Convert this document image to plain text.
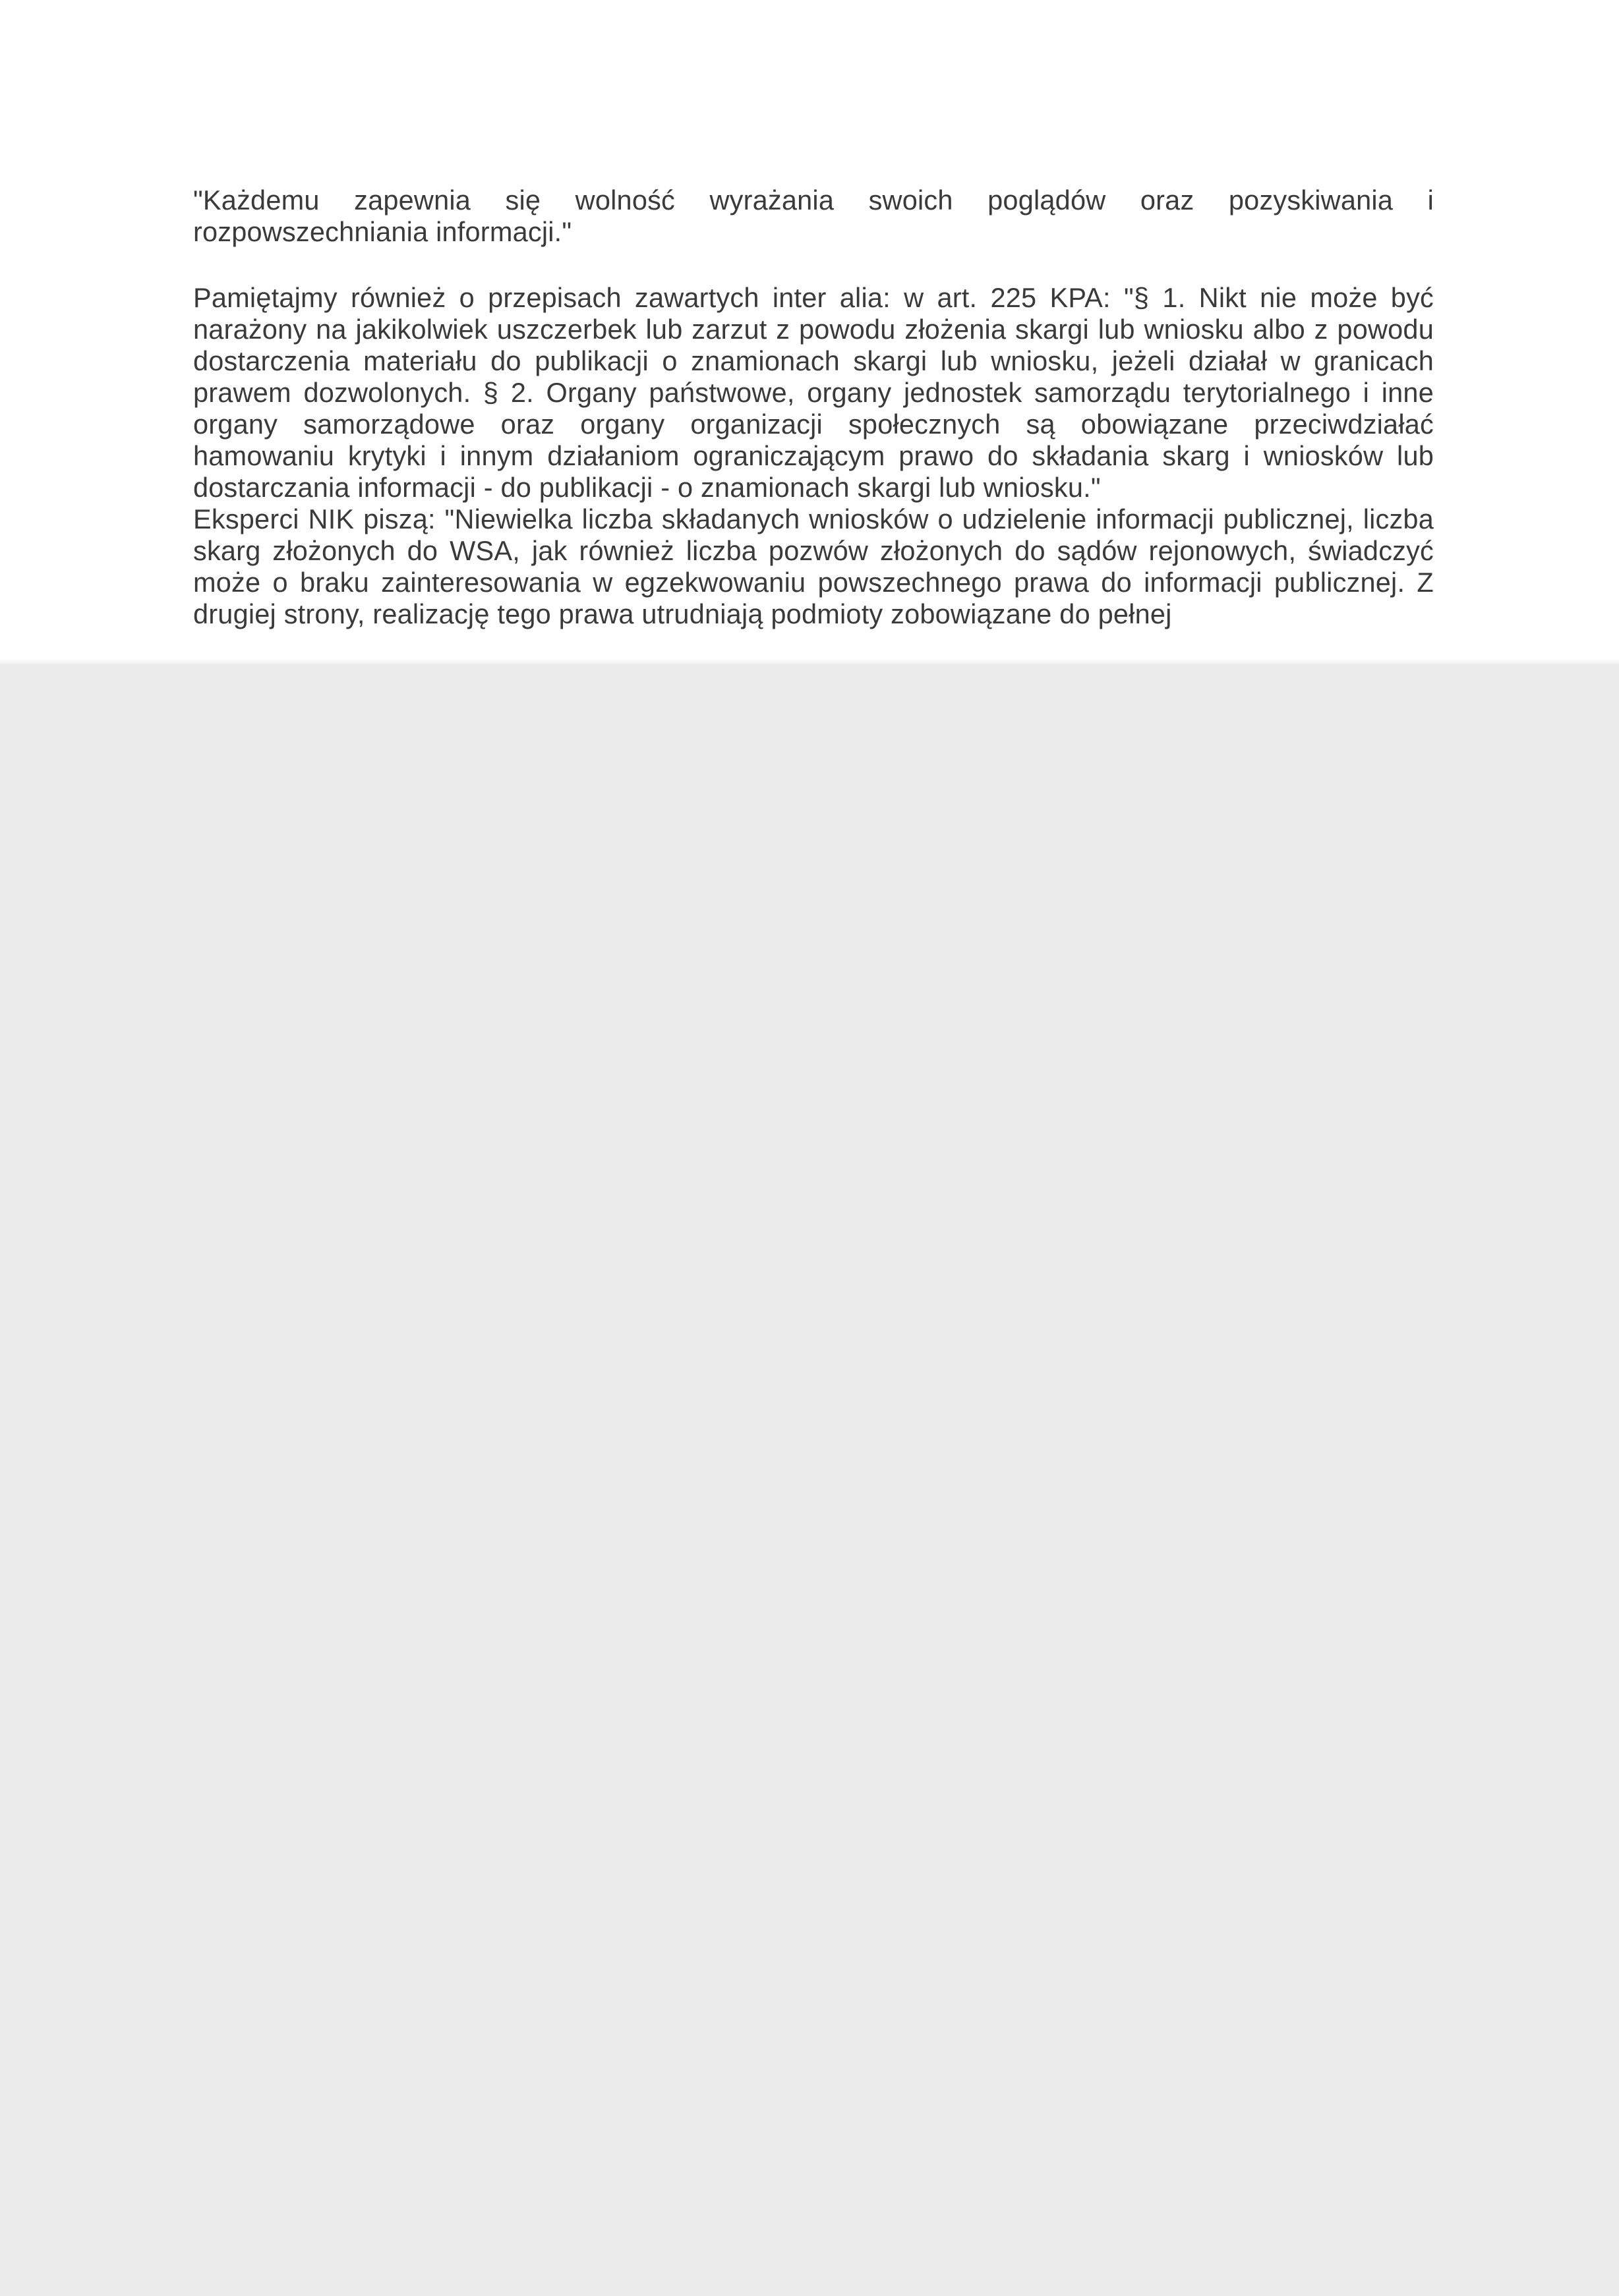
"Każdemu zapewnia się wolność wyrażania swoich poglądów oraz pozyskiwania i rozpowszechniania informacji."

Pamiętajmy również o przepisach zawartych inter alia: w art. 225 KPA: "§ 1. Nikt nie może być narażony na jakikolwiek uszczerbek lub zarzut z powodu złożenia skargi lub wniosku albo z powodu dostarczenia materiału do publikacji o znamionach skargi lub wniosku, jeżeli działał w granicach prawem dozwolonych. § 2. Organy państwowe, organy jednostek samorządu terytorialnego i inne organy samorządowe oraz organy organizacji społecznych są obowiązane przeciwdziałać hamowaniu krytyki i innym działaniom ograniczającym prawo do składania skarg i wniosków lub dostarczania informacji - do publikacji - o znamionach skargi lub wniosku."

Eksperci NIK piszą: "Niewielka liczba składanych wniosków o udzielenie informacji publicznej, liczba skarg złożonych do WSA, jak również liczba pozwów złożonych do sądów rejonowych, świadczyć może o braku zainteresowania w egzekwowaniu powszechnego prawa do informacji publicznej. Z drugiej strony, realizację tego prawa utrudniają podmioty zobowiązane do pełnej
